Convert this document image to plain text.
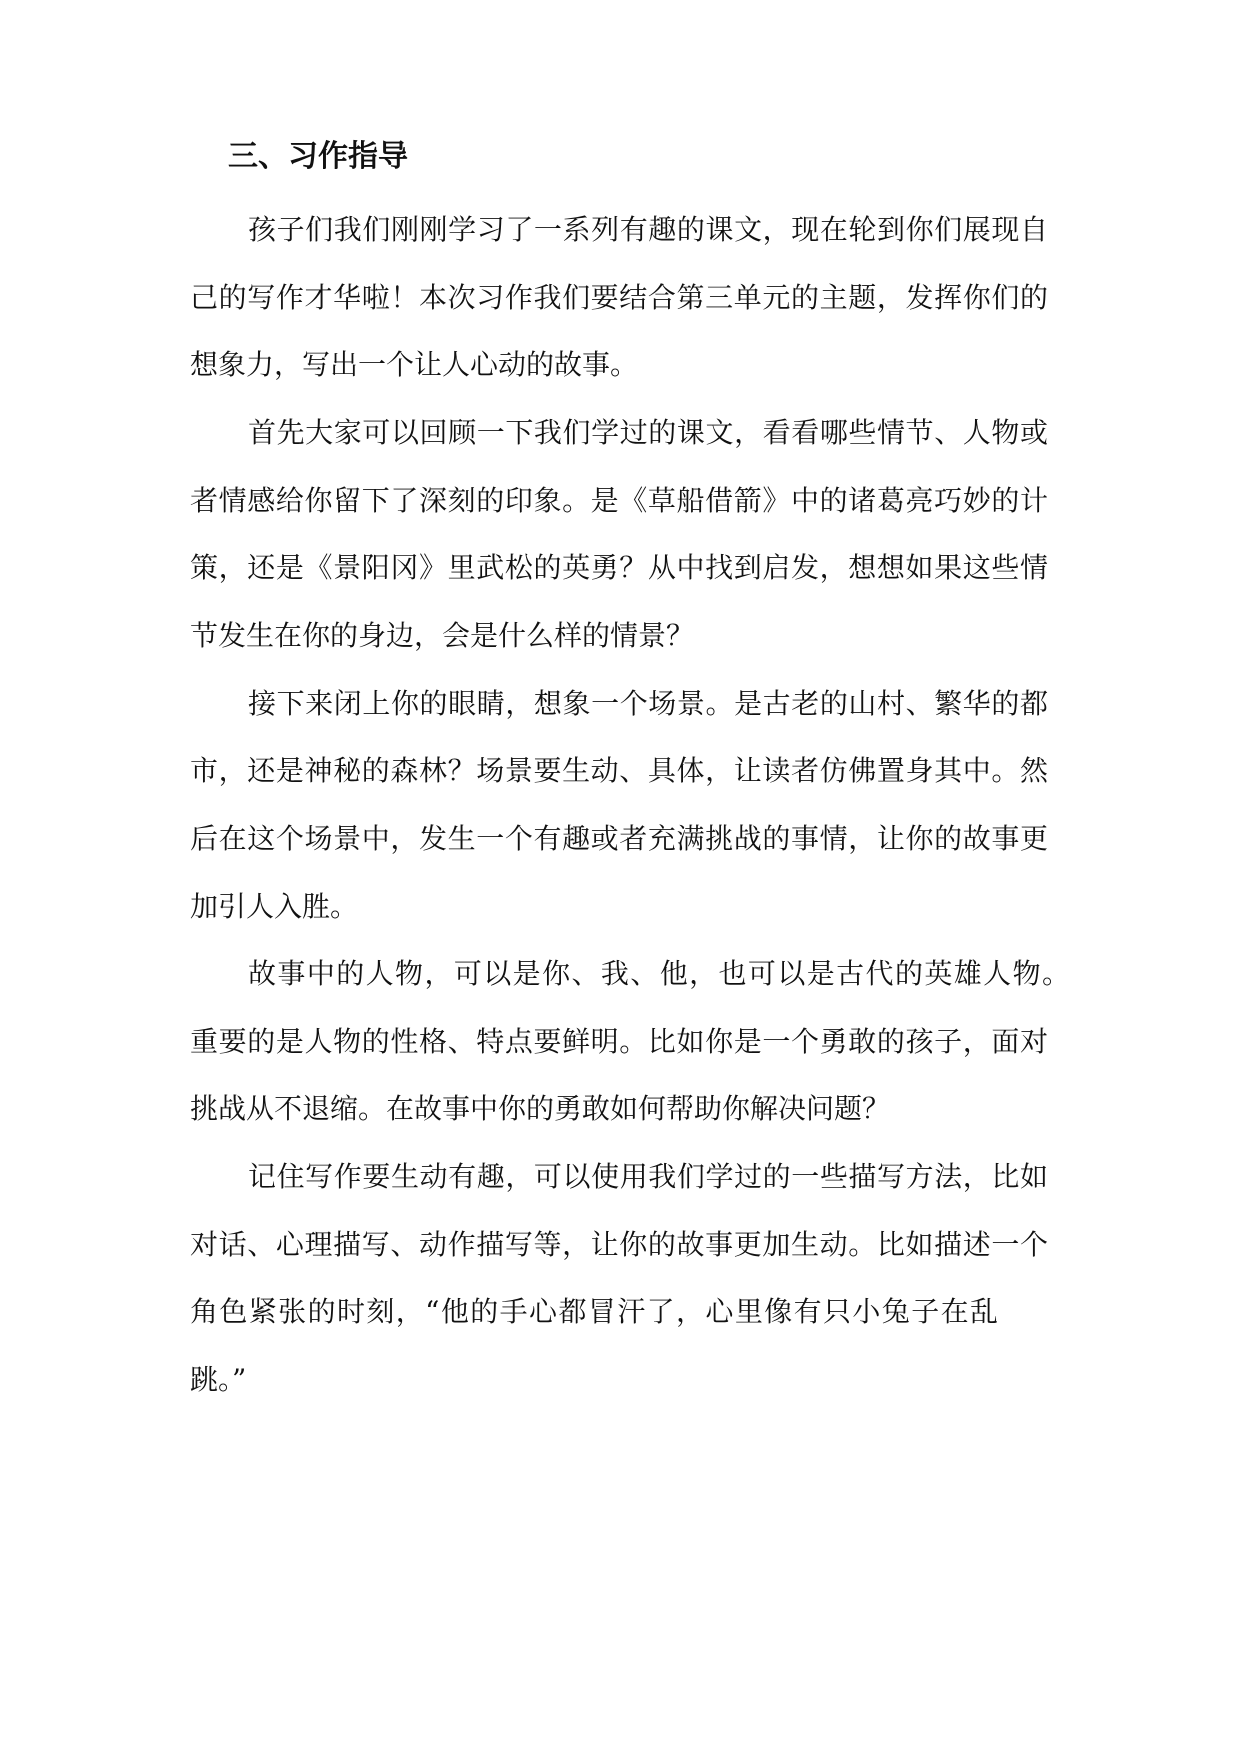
三、习作指导
孩子们我们刚刚学习了一系列有趣的课文，现在轮到你们展现自
己的写作才华啦！本次习作我们要结合第三单元的主题，发挥你们的
想象力，写出一个让人心动的故事。
首先大家可以回顾一下我们学过的课文，看看哪些情节、人物或
者情感给你留下了深刻的印象。是《草船借箭》中的诸葛亮巧妙的计
策，还是《景阳冈》里武松的英勇？从中找到启发，想想如果这些情
节发生在你的身边，会是什么样的情景？
接下来闭上你的眼睛，想象一个场景。是古老的山村、繁华的都
市，还是神秘的森林？场景要生动、具体，让读者仿佛置身其中。然
后在这个场景中，发生一个有趣或者充满挑战的事情，让你的故事更
加引人入胜。
故事中的人物，可以是你、我、他，也可以是古代的英雄人物。
重要的是人物的性格、特点要鲜明。比如你是一个勇敢的孩子，面对
挑战从不退缩。在故事中你的勇敢如何帮助你解决问题？
记住写作要生动有趣，可以使用我们学过的一些描写方法，比如
对话、心理描写、动作描写等，让你的故事更加生动。比如描述一个
角色紧张的时刻，“他的手心都冒汗了，心里像有只小兔子在乱
跳。”
